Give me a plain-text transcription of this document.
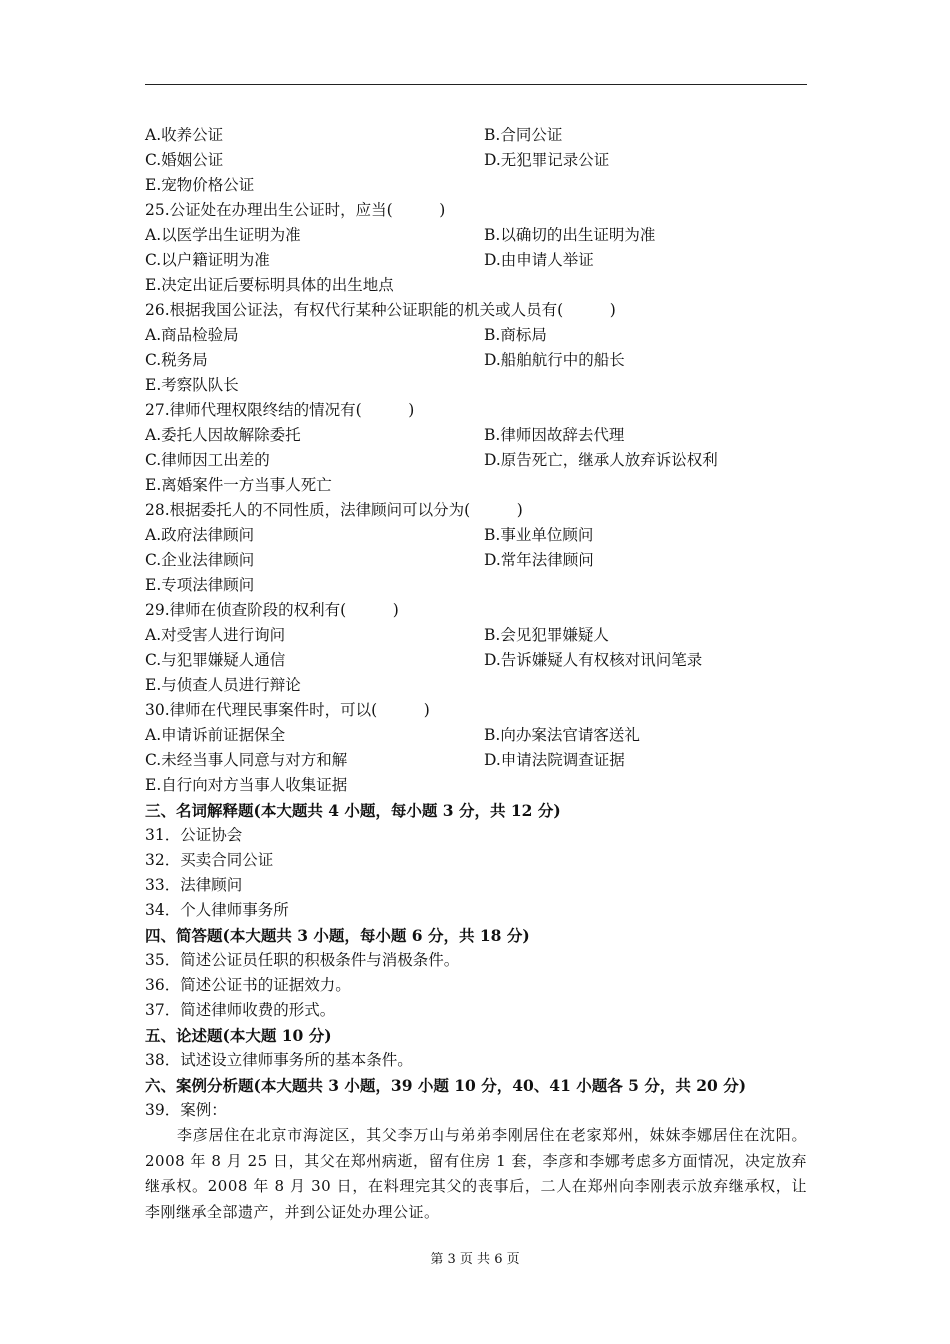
A.收养公证	B.合同公证
C.婚姻公证	D.无犯罪记录公证
E.宠物价格公证
25.公证处在办理出生公证时，应当(　　　)
A.以医学出生证明为准	B.以确切的出生证明为准
C.以户籍证明为准	D.由申请人举证
E.决定出证后要标明具体的出生地点
26.根据我国公证法，有权代行某种公证职能的机关或人员有(　　　)
A.商品检验局	B.商标局
C.税务局	D.船舶航行中的船长
E.考察队队长
27.律师代理权限终结的情况有(　　　)
A.委托人因故解除委托	B.律师因故辞去代理
C.律师因工出差的	D.原告死亡，继承人放弃诉讼权利
E.离婚案件一方当事人死亡
28.根据委托人的不同性质，法律顾问可以分为(　　　)
A.政府法律顾问	B.事业单位顾问
C.企业法律顾问	D.常年法律顾问
E.专项法律顾问
29.律师在侦查阶段的权利有(　　　)
A.对受害人进行询问	B.会见犯罪嫌疑人
C.与犯罪嫌疑人通信	D.告诉嫌疑人有权核对讯问笔录
E.与侦查人员进行辩论
30.律师在代理民事案件时，可以(　　　)
A.申请诉前证据保全	B.向办案法官请客送礼
C.未经当事人同意与对方和解	D.申请法院调查证据
E.自行向对方当事人收集证据
三、名词解释题(本大题共 4 小题，每小题 3 分，共 12 分)
31．公证协会
32．买卖合同公证
33．法律顾问
34．个人律师事务所
四、简答题(本大题共 3 小题，每小题 6 分，共 18 分)
35．简述公证员任职的积极条件与消极条件。
36．简述公证书的证据效力。
37．简述律师收费的形式。
五、论述题(本大题 10 分)
38．试述设立律师事务所的基本条件。
六、案例分析题(本大题共 3 小题，39 小题 10 分，40、41 小题各 5 分，共 20 分)
39．案例：
李彦居住在北京市海淀区，其父李万山与弟弟李刚居住在老家郑州，妹妹李娜居住在沈阳。2008 年 8 月 25 日，其父在郑州病逝，留有住房 1 套，李彦和李娜考虑多方面情况，决定放弃继承权。2008 年 8 月 30 日，在料理完其父的丧事后，二人在郑州向李刚表示放弃继承权，让李刚继承全部遗产，并到公证处办理公证。
第 3 页 共 6 页
